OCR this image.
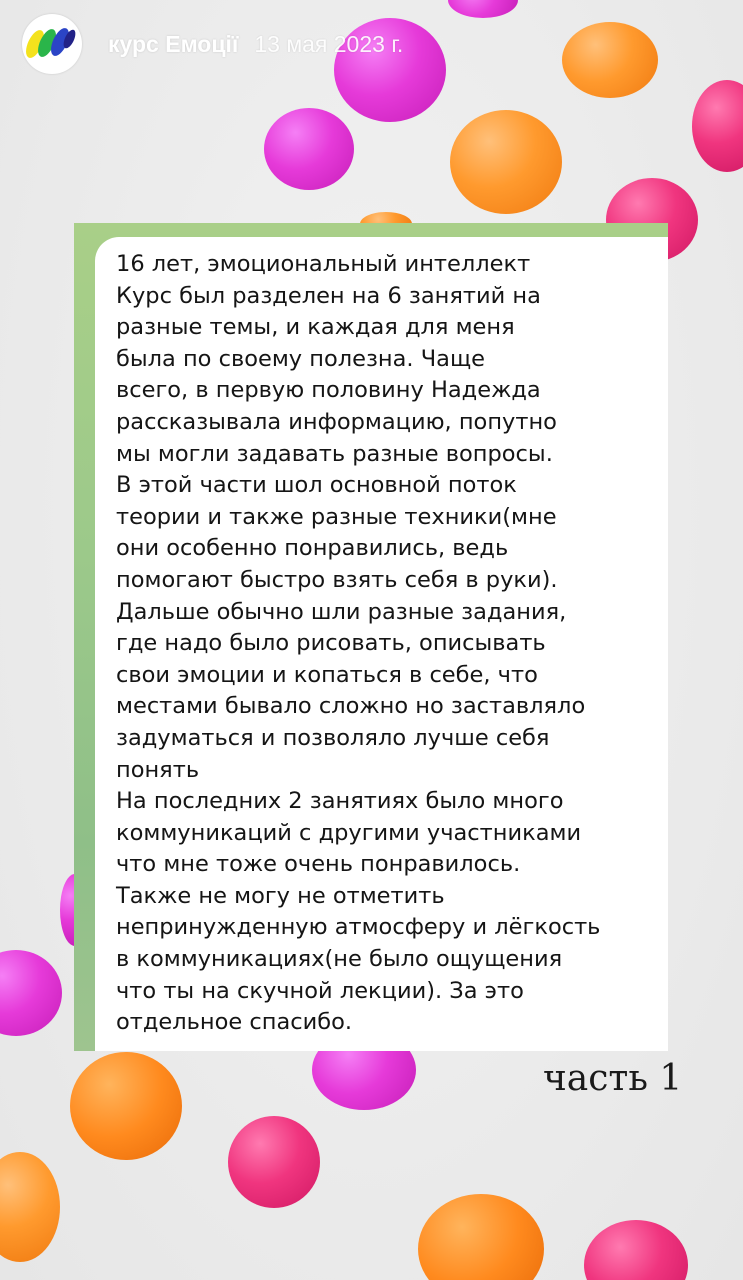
курс Емоції 13 мая 2023 г.

16 лет, эмоциональный интеллект
Курс был разделен на 6 занятий на
разные темы, и каждая для меня
была по своему полезна. Чаще
всего, в первую половину Надежда
рассказывала информацию, попутно
мы могли задавать разные вопросы.
В этой части шол основной поток
теории и также разные техники(мне
они особенно понравились, ведь
помогают быстро взять себя в руки).
Дальше обычно шли разные задания,
где надо было рисовать, описывать
свои эмоции и копаться в себе, что
местами бывало сложно но заставляло
задуматься и позволяло лучше себя
понять
На последних 2 занятиях было много
коммуникаций с другими участниками
что мне тоже очень понравилось.
Также не могу не отметить
непринужденную атмосферу и лёгкость
в коммуникациях(не было ощущения
что ты на скучной лекции). За это
отдельное спасибо.

часть 1
